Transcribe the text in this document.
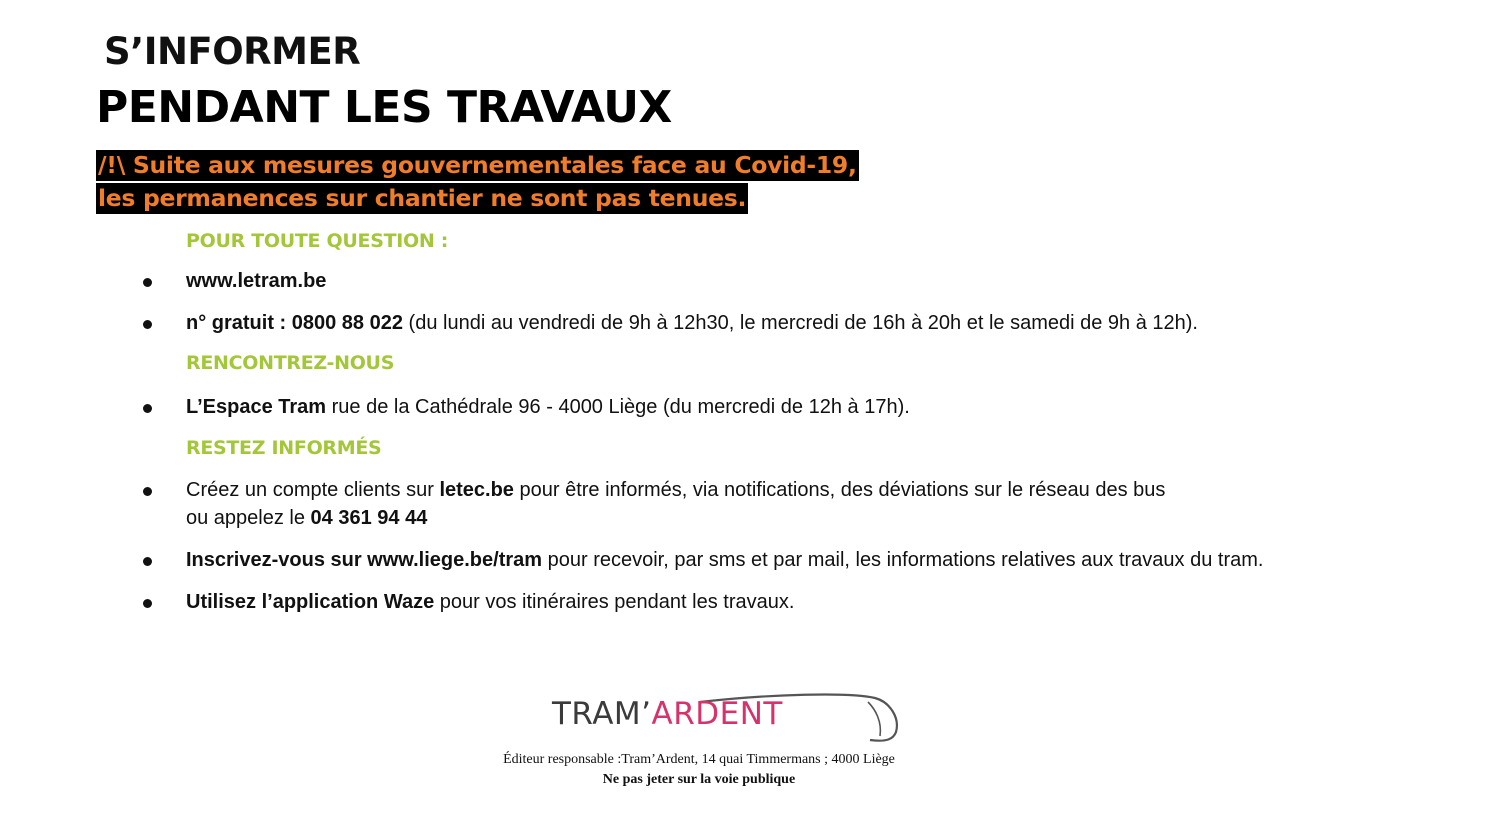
S’INFORMER
PENDANT LES TRAVAUX
/!\ Suite aux mesures gouvernementales face au Covid-19,
les permanences sur chantier ne sont pas tenues.
POUR TOUTE QUESTION :
www.letram.be
n° gratuit : 0800 88 022 (du lundi au vendredi de 9h à 12h30, le mercredi de 16h à 20h et le samedi de 9h à 12h).
RENCONTREZ-NOUS
L’Espace Tram rue de la Cathédrale 96 - 4000 Liège (du mercredi de 12h à 17h).
RESTEZ INFORMÉS
Créez un compte clients sur letec.be pour être informés, via notifications, des déviations sur le réseau des bus
ou appelez le 04 361 94 44
Inscrivez-vous sur www.liege.be/tram pour recevoir, par sms et par mail, les informations relatives aux travaux du tram.
Utilisez l’application Waze pour vos itinéraires pendant les travaux.
TRAM’ARDENT
Éditeur responsable :Tram’Ardent, 14 quai Timmermans ; 4000 Liège
Ne pas jeter sur la voie publique
